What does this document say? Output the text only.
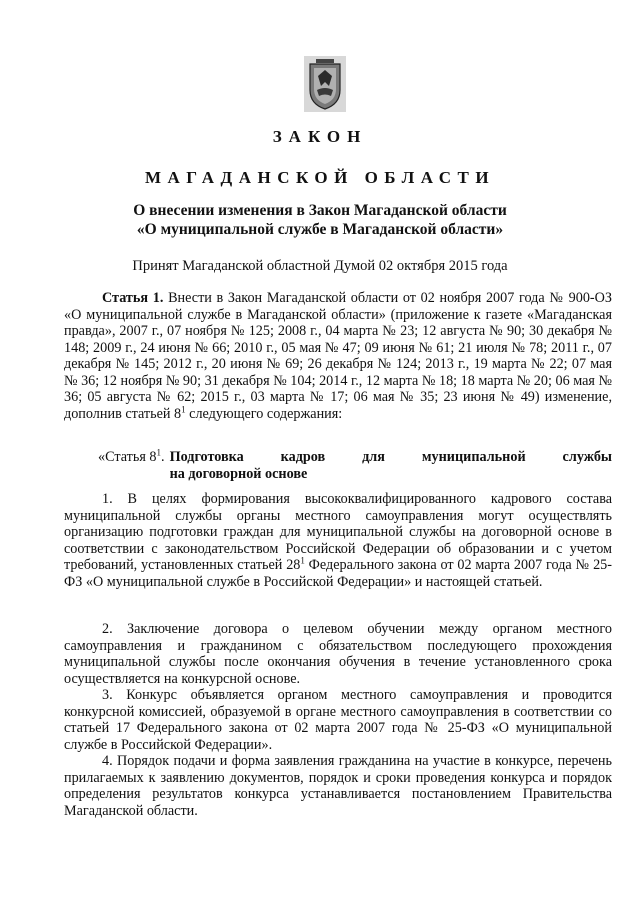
ЗАКОН
МАГАДАНСКОЙ ОБЛАСТИ
О внесении изменения в Закон Магаданской области
«О муниципальной службе в Магаданской области»
Принят Магаданской областной Думой 02 октября 2015 года
Статья 1. Внести в Закон Магаданской области от 02 ноября 2007 года № 900-ОЗ «О муниципальной службе в Магаданской области» (приложение к газете «Магаданская правда», 2007 г., 07 ноября № 125; 2008 г., 04 марта № 23; 12 августа № 90; 30 декабря № 148; 2009 г., 24 июня № 66; 2010 г., 05 мая № 47; 09 июня № 61; 21 июля № 78; 2011 г., 07 декабря № 145; 2012 г., 20 июня № 69; 26 декабря № 124; 2013 г., 19 марта № 22; 07 мая № 36; 12 ноября № 90; 31 декабря № 104; 2014 г., 12 марта № 18; 18 марта № 20; 06 мая № 36; 05 августа № 62; 2015 г., 03 марта № 17; 06 мая № 35; 23 июня № 49) изменение, дополнив статьей $8^1$ следующего содержания:
«Статья $8^1$. Подготовка кадров для муниципальной службы
на договорной основе

1. В целях формирования высококвалифицированного кадрового состава муниципальной службы органы местного самоуправления могут осуществлять организацию подготовки граждан для муниципальной службы на договорной основе в соответствии с законодательством Российской Федерации об образовании и с учетом требований, установленных статьей $28^1$ Федерального закона от 02 марта 2007 года № 25-ФЗ «О муниципальной службе в Российской Федерации» и настоящей статьей.

2. Заключение договора о целевом обучении между органом местного самоуправления и гражданином с обязательством последующего прохождения муниципальной службы после окончания обучения в течение установленного срока осуществляется на конкурсной основе.

3. Конкурс объявляется органом местного самоуправления и проводится конкурсной комиссией, образуемой в органе местного самоуправления в соответствии со статьей 17 Федерального закона от 02 марта 2007 года № 25-ФЗ «О муниципальной службе в Российской Федерации».

4. Порядок подачи и форма заявления гражданина на участие в конкурсе, перечень прилагаемых к заявлению документов, порядок и сроки проведения конкурса и порядок определения результатов конкурса устанавливается постановлением Правительства Магаданской области.
